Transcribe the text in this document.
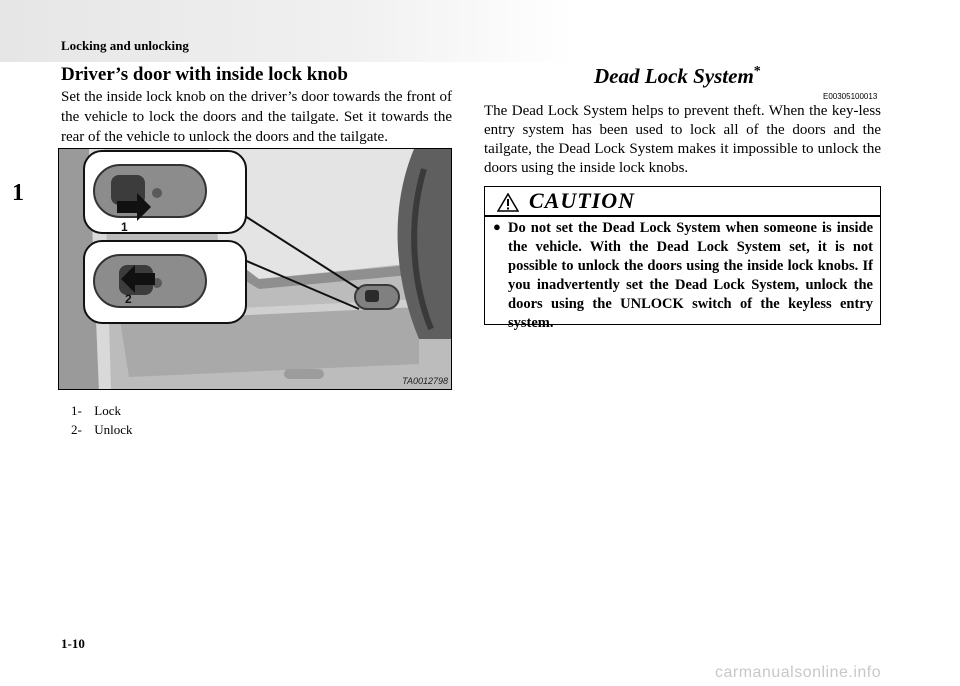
Locking and unlocking
1
Driver’s door with inside lock knob

Set the inside lock knob on the driver’s door towards the front of the vehicle to lock the doors and the tailgate. Set it towards the rear of the vehicle to unlock the doors and the tailgate.

1
2
TA0012798
1- Lock
2- Unlock
Dead Lock System*
E00305100013

The Dead Lock System helps to prevent theft. When the key-less entry system has been used to lock all of the doors and the tailgate, the Dead Lock System makes it impossible to unlock the doors using the inside lock knobs.

CAUTION
● Do not set the Dead Lock System when someone is inside the vehicle. With the Dead Lock System set, it is not possible to unlock the doors using the inside lock knobs. If you inadvertently set the Dead Lock System, unlock the doors using the UNLOCK switch of the keyless entry system.

1-10
carmanualsonline.info
